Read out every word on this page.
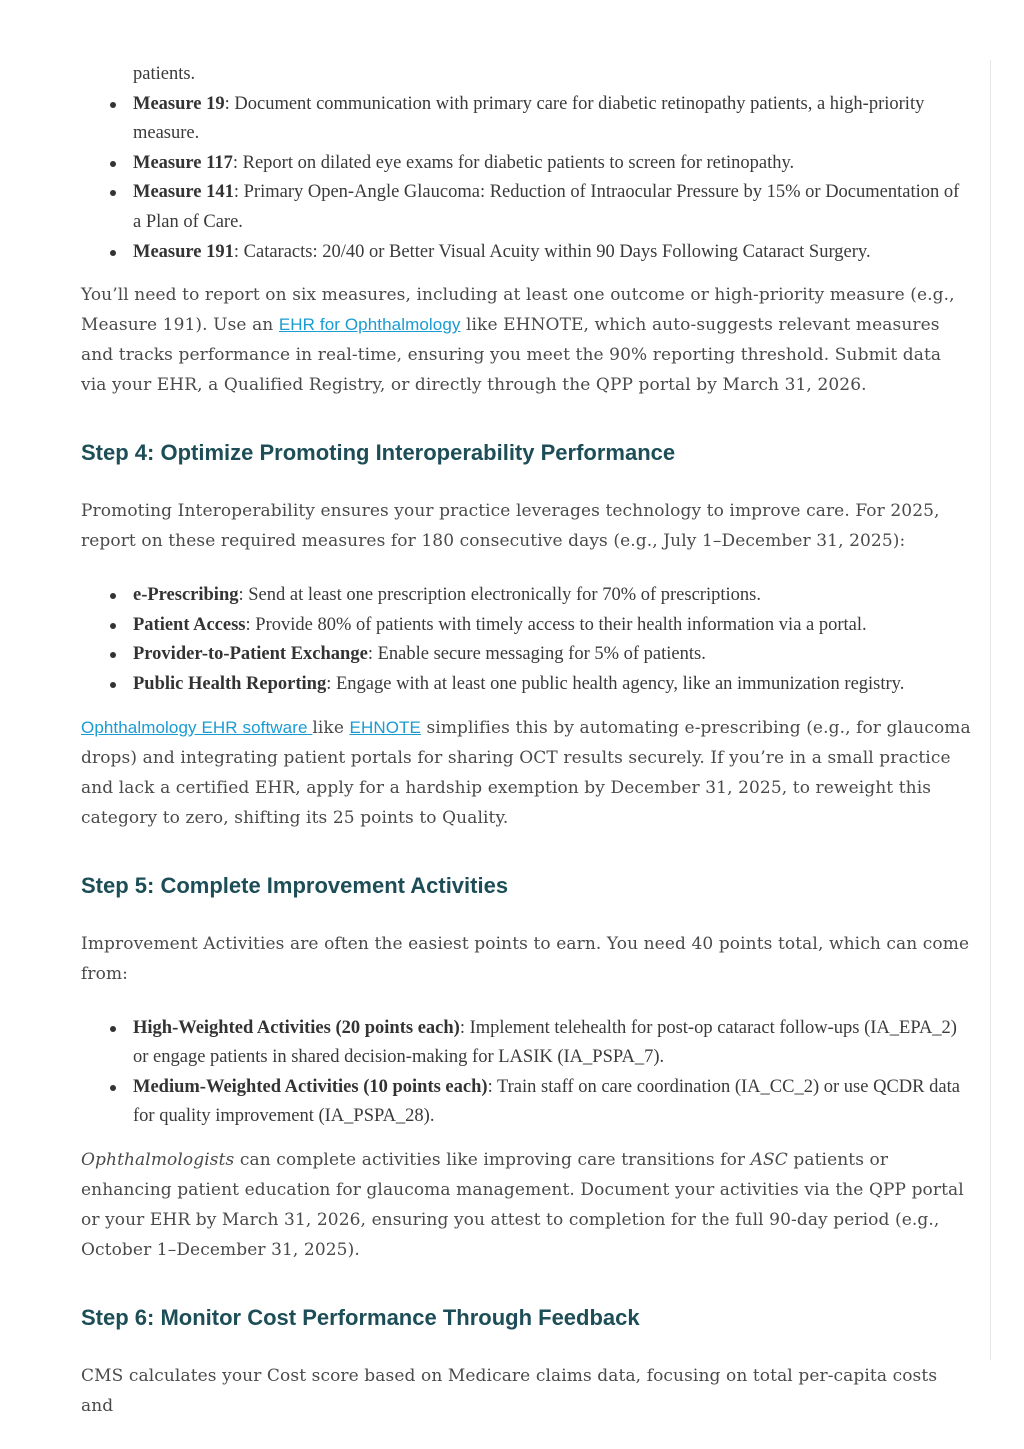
patients.
Measure 19: Document communication with primary care for diabetic retinopathy patients, a high-priority measure.
Measure 117: Report on dilated eye exams for diabetic patients to screen for retinopathy.
Measure 141: Primary Open-Angle Glaucoma: Reduction of Intraocular Pressure by 15% or Documentation of a Plan of Care.
Measure 191: Cataracts: 20/40 or Better Visual Acuity within 90 Days Following Cataract Surgery.

You’ll need to report on six measures, including at least one outcome or high-priority measure (e.g., Measure 191). Use an EHR for Ophthalmology like EHNOTE, which auto-suggests relevant measures and tracks performance in real-time, ensuring you meet the 90% reporting threshold. Submit data via your EHR, a Qualified Registry, or directly through the QPP portal by March 31, 2026.

Step 4: Optimize Promoting Interoperability Performance

Promoting Interoperability ensures your practice leverages technology to improve care. For 2025, report on these required measures for 180 consecutive days (e.g., July 1–December 31, 2025):

e-Prescribing: Send at least one prescription electronically for 70% of prescriptions.
Patient Access: Provide 80% of patients with timely access to their health information via a portal.
Provider-to-Patient Exchange: Enable secure messaging for 5% of patients.
Public Health Reporting: Engage with at least one public health agency, like an immunization registry.

Ophthalmology EHR software like EHNOTE simplifies this by automating e-prescribing (e.g., for glaucoma drops) and integrating patient portals for sharing OCT results securely. If you’re in a small practice and lack a certified EHR, apply for a hardship exemption by December 31, 2025, to reweight this category to zero, shifting its 25 points to Quality.

Step 5: Complete Improvement Activities

Improvement Activities are often the easiest points to earn. You need 40 points total, which can come from:

High-Weighted Activities (20 points each): Implement telehealth for post-op cataract follow-ups (IA_EPA_2) or engage patients in shared decision-making for LASIK (IA_PSPA_7).
Medium-Weighted Activities (10 points each): Train staff on care coordination (IA_CC_2) or use QCDR data for quality improvement (IA_PSPA_28).

Ophthalmologists can complete activities like improving care transitions for ASC patients or enhancing patient education for glaucoma management. Document your activities via the QPP portal or your EHR by March 31, 2026, ensuring you attest to completion for the full 90-day period (e.g., October 1–December 31, 2025).

Step 6: Monitor Cost Performance Through Feedback

CMS calculates your Cost score based on Medicare claims data, focusing on total per-capita costs and
